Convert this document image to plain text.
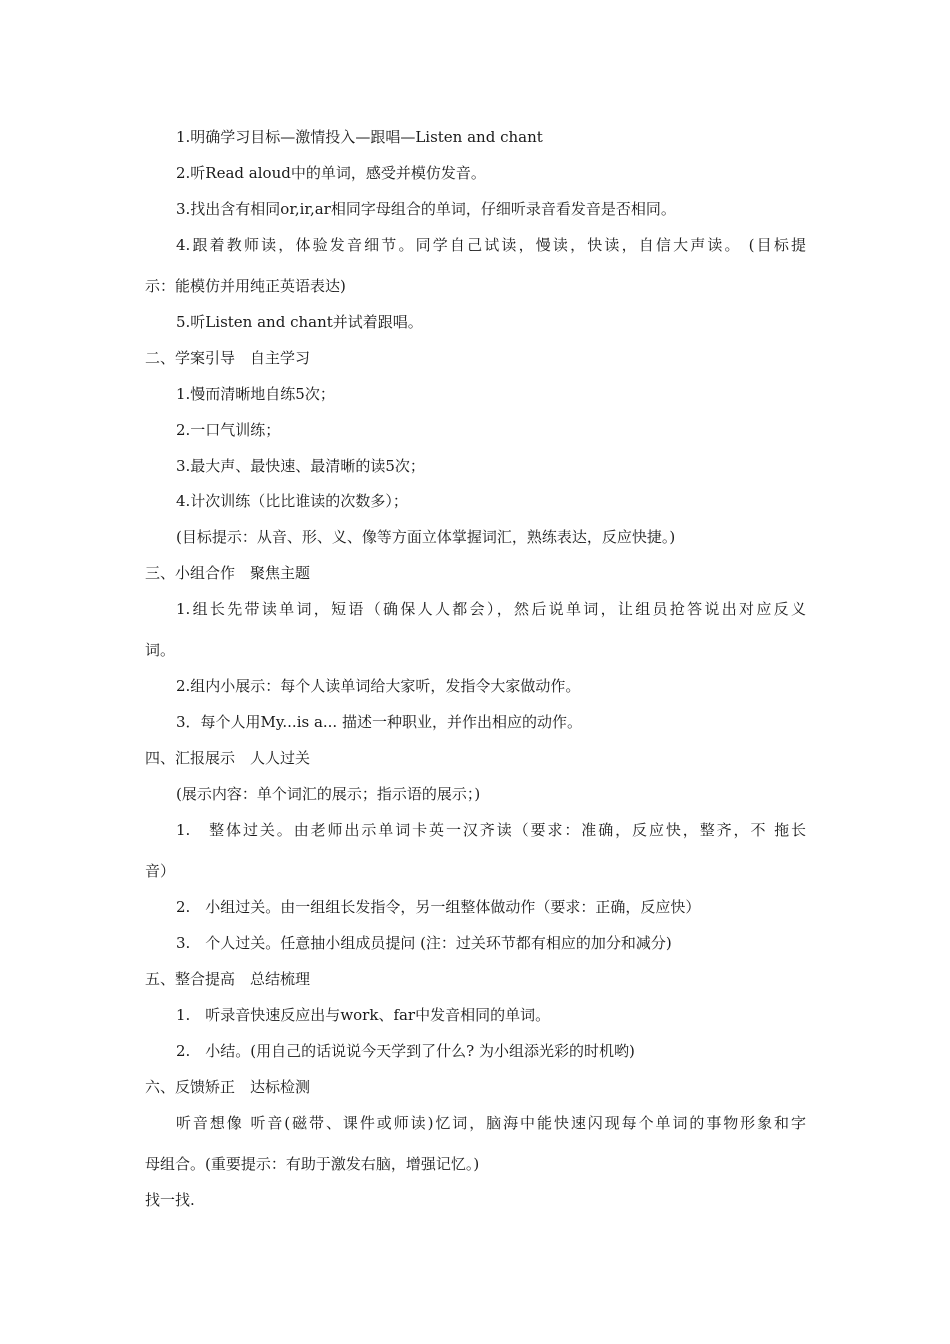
1.明确学习目标—激情投入—跟唱—Listen and chant
2.听Read aloud中的单词，感受并模仿发音。
3.找出含有相同or,ir,ar相同字母组合的单词，仔细听录音看发音是否相同。
4.跟着教师读，体验发音细节。同学自己试读，慢读，快读，自信大声读。 (目标提
示：能模仿并用纯正英语表达)
5.听Listen and chant并试着跟唱。
二、学案引导　自主学习
1.慢而清晰地自练5次；
2.一口气训练；
3.最大声、最快速、最清晰的读5次；
4.计次训练（比比谁读的次数多）；
(目标提示：从音、形、义、像等方面立体掌握词汇，熟练表达，反应快捷。)
三、小组合作　聚焦主题
1.组长先带读单词，短语（确保人人都会），然后说单词，让组员抢答说出对应反义
词。
2.组内小展示：每个人读单词给大家听，发指令大家做动作。
3．每个人用My...is a... 描述一种职业，并作出相应的动作。
四、汇报展示　人人过关
(展示内容：单个词汇的展示；指示语的展示；)
1.　整体过关。由老师出示单词卡英一汉齐读（要求：准确，反应快，整齐，不 拖长
音）
2.　小组过关。由一组组长发指令，另一组整体做动作（要求：正确，反应快）
3.　个人过关。任意抽小组成员提问 (注：过关环节都有相应的加分和减分)
五、整合提高　总结梳理
1.　听录音快速反应出与work、far中发音相同的单词。
2.　小结。(用自己的话说说今天学到了什么? 为小组添光彩的时机哟)
六、反馈矫正　达标检测
听音想像 听音(磁带、课件或师读)忆词，脑海中能快速闪现每个单词的事物形象和字
母组合。(重要提示：有助于激发右脑，增强记忆。)
找一找.
